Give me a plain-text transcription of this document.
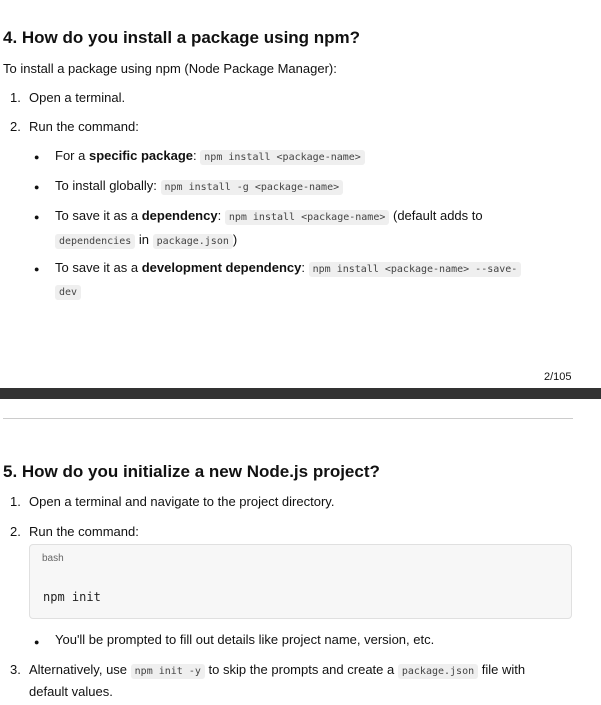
4. How do you install a package using npm?
To install a package using npm (Node Package Manager):
1. Open a terminal.
2. Run the command:
● For a specific package: npm install <package-name>
● To install globally: npm install -g <package-name>
● To save it as a dependency: npm install <package-name> (default adds to
dependencies in package.json )
● To save it as a development dependency: npm install <package-name> --save-
dev
2/105
5. How do you initialize a new Node.js project?
1. Open a terminal and navigate to the project directory.
2. Run the command:
bash
npm init
● You'll be prompted to fill out details like project name, version, etc.
3. Alternatively, use npm init -y to skip the prompts and create a package.json file with
default values.
